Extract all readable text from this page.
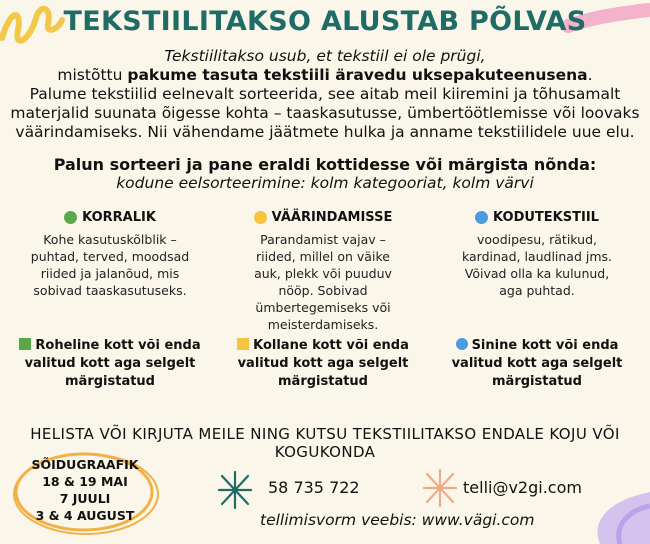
TEKSTIILITAKSO ALUSTAB PÕLVAS
Tekstiilitakso usub, et tekstiil ei ole prügi,
mistõttu pakume tasuta tekstiili äravedu uksepakuteenusena.
Palume tekstiilid eelnevalt sorteerida, see aitab meil kiiremini ja tõhusamalt
materjalid suunata õigesse kohta – taaskasutusse, ümbertöötlemisse või loovaks
väärindamiseks. Nii vähendame jäätmete hulka ja anname tekstiilidele uue elu.
Palun sorteeri ja pane eraldi kottidesse või märgista nõnda:
kodune eelsorteerimine: kolm kategooriat, kolm värvi
KORRALIK
Kohe kasutuskõlblik – puhtad, terved, moodsad riided ja jalanõud, mis sobivad taaskasutuseks.
VÄÄRINDAMISSE
Parandamist vajav – riided, millel on väike auk, plekk või puuduv nööp. Sobivad ümbertegemiseks või meisterdamiseks.
KODUTEKSTIIL
voodipesu, rätikud, kardinad, laudlinad jms. Võivad olla ka kulunud, aga puhtad.
Roheline kott või enda valitud kott aga selgelt märgistatud
Kollane kott või enda valitud kott aga selgelt märgistatud
Sinine kott või enda valitud kott aga selgelt märgistatud
HELISTA VÕI KIRJUTA MEILE NING KUTSU TEKSTIILITAKSO ENDALE KOJU VÕI KOGUKONDA
SÕIDUGRAAFIK
18 & 19 MAI
7 JUULI
3 & 4 AUGUST
58 735 722	telli@v2gi.com
tellimisvorm veebis: www.vägi.com
